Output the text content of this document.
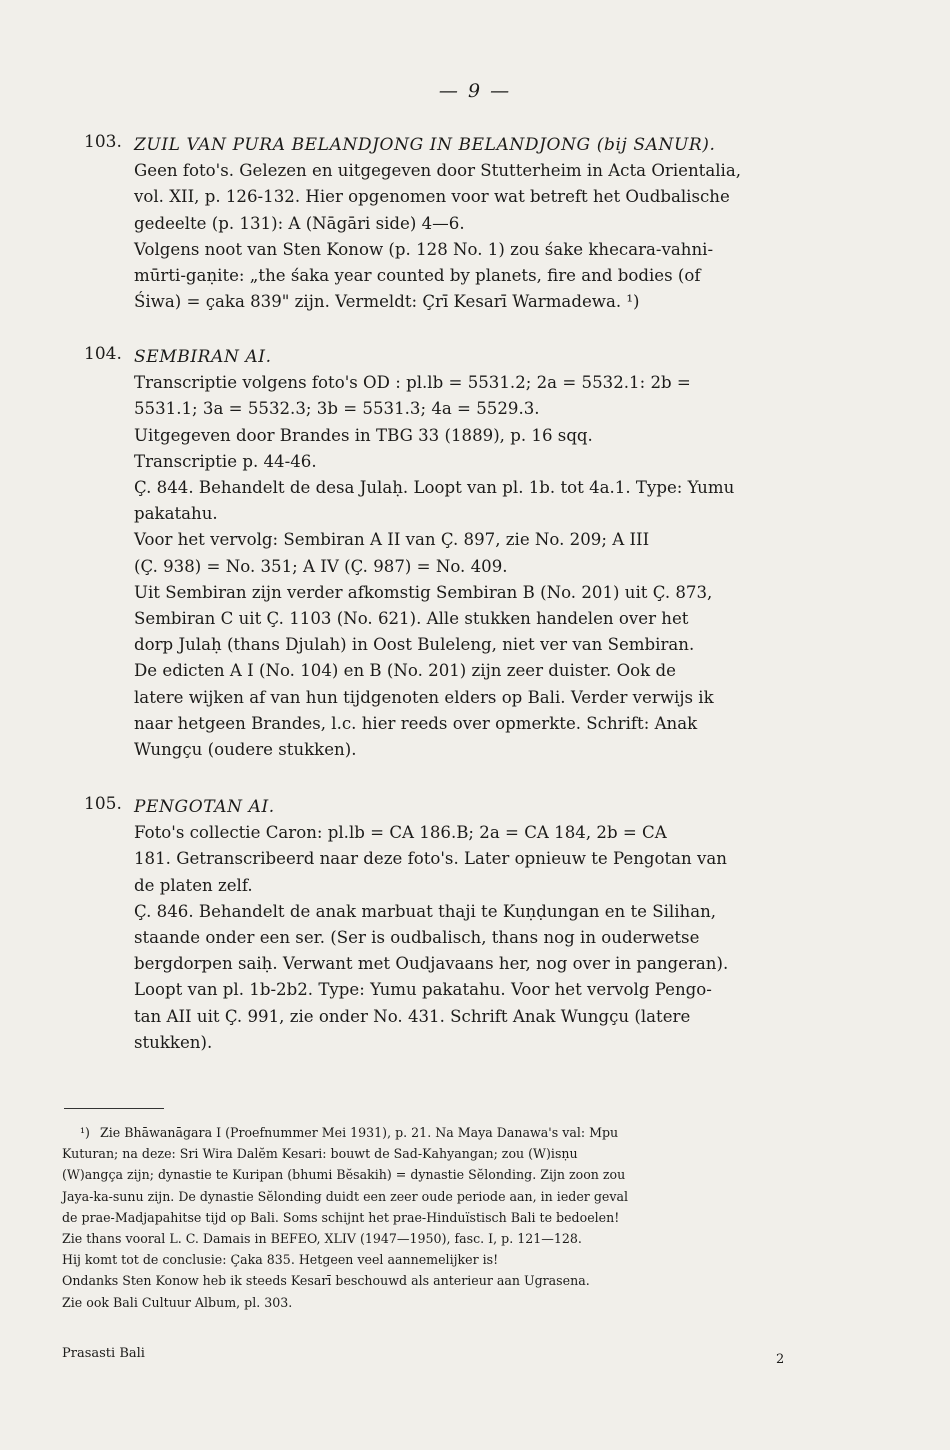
— 9 —
103. ZUIL VAN PURA BELANDJONG IN BELANDJONG (bij SANUR).
Geen foto's. Gelezen en uitgegeven door Stutterheim in Acta Orientalia,
vol. XII, p. 126-132. Hier opgenomen voor wat betreft het Oudbalische
gedeelte (p. 131): A (Nāgāri side) 4—6.
Volgens noot van Sten Konow (p. 128 No. 1) zou śake khecara-vahni-
mūrti-gaṇite: „the śaka year counted by planets, fire and bodies (of
Śiwa) = çaka 839" zijn. Vermeldt: Çrī Kesarī Warmadewa. ¹)
104. SEMBIRAN AI.
Transcriptie volgens foto's OD : pl.lb = 5531.2; 2a = 5532.1: 2b =
5531.1; 3a = 5532.3; 3b = 5531.3; 4a = 5529.3.
Uitgegeven door Brandes in TBG 33 (1889), p. 16 sqq.
Transcriptie p. 44-46.
Ç. 844. Behandelt de desa Julaḥ. Loopt van pl. 1b. tot 4a.1. Type: Yumu
pakatahu.
Voor het vervolg: Sembiran A II van Ç. 897, zie No. 209; A III
(Ç. 938) = No. 351; A IV (Ç. 987) = No. 409.
Uit Sembiran zijn verder afkomstig Sembiran B (No. 201) uit Ç. 873,
Sembiran C uit Ç. 1103 (No. 621). Alle stukken handelen over het
dorp Julaḥ (thans Djulah) in Oost Buleleng, niet ver van Sembiran.
De edicten A I (No. 104) en B (No. 201) zijn zeer duister. Ook de
latere wijken af van hun tijdgenoten elders op Bali. Verder verwijs ik
naar hetgeen Brandes, l.c. hier reeds over opmerkte. Schrift: Anak
Wungçu (oudere stukken).
105. PENGOTAN AI.
Foto's collectie Caron: pl.lb = CA 186.B; 2a = CA 184, 2b = CA
181. Getranscribeerd naar deze foto's. Later opnieuw te Pengotan van
de platen zelf.
Ç. 846. Behandelt de anak marbuat thaji te Kuṇḍungan en te Silihan,
staande onder een ser. (Ser is oudbalisch, thans nog in ouderwetse
bergdorpen saiḥ. Verwant met Oudjavaans her, nog over in pangeran).
Loopt van pl. 1b-2b2. Type: Yumu pakatahu. Voor het vervolg Pengo-
tan AII uit Ç. 991, zie onder No. 431. Schrift Anak Wungçu (latere
stukken).
¹) Zie Bhāwanāgara I (Proefnummer Mei 1931), p. 21. Na Maya Danawa's val: Mpu
Kuturan; na deze: Sri Wira Dalĕm Kesari: bouwt de Sad-Kahyangan; zou (W)isṇu
(W)angça zijn; dynastie te Kuripan (bhumi Bĕsakih) = dynastie Sĕlonding. Zijn zoon zou
Jaya-ka-sunu zijn. De dynastie Sĕlonding duidt een zeer oude periode aan, in ieder geval
de prae-Madjapahitse tijd op Bali. Soms schijnt het prae-Hinduïstisch Bali te bedoelen!
Zie thans vooral L. C. Damais in BEFEO, XLIV (1947—1950), fasc. I, p. 121—128.
Hij komt tot de conclusie: Çaka 835. Hetgeen veel aannemelijker is!
Ondanks Sten Konow heb ik steeds Kesarī beschouwd als anterieur aan Ugrasena.
Zie ook Bali Cultuur Album, pl. 303.
Prasasti Bali	2
